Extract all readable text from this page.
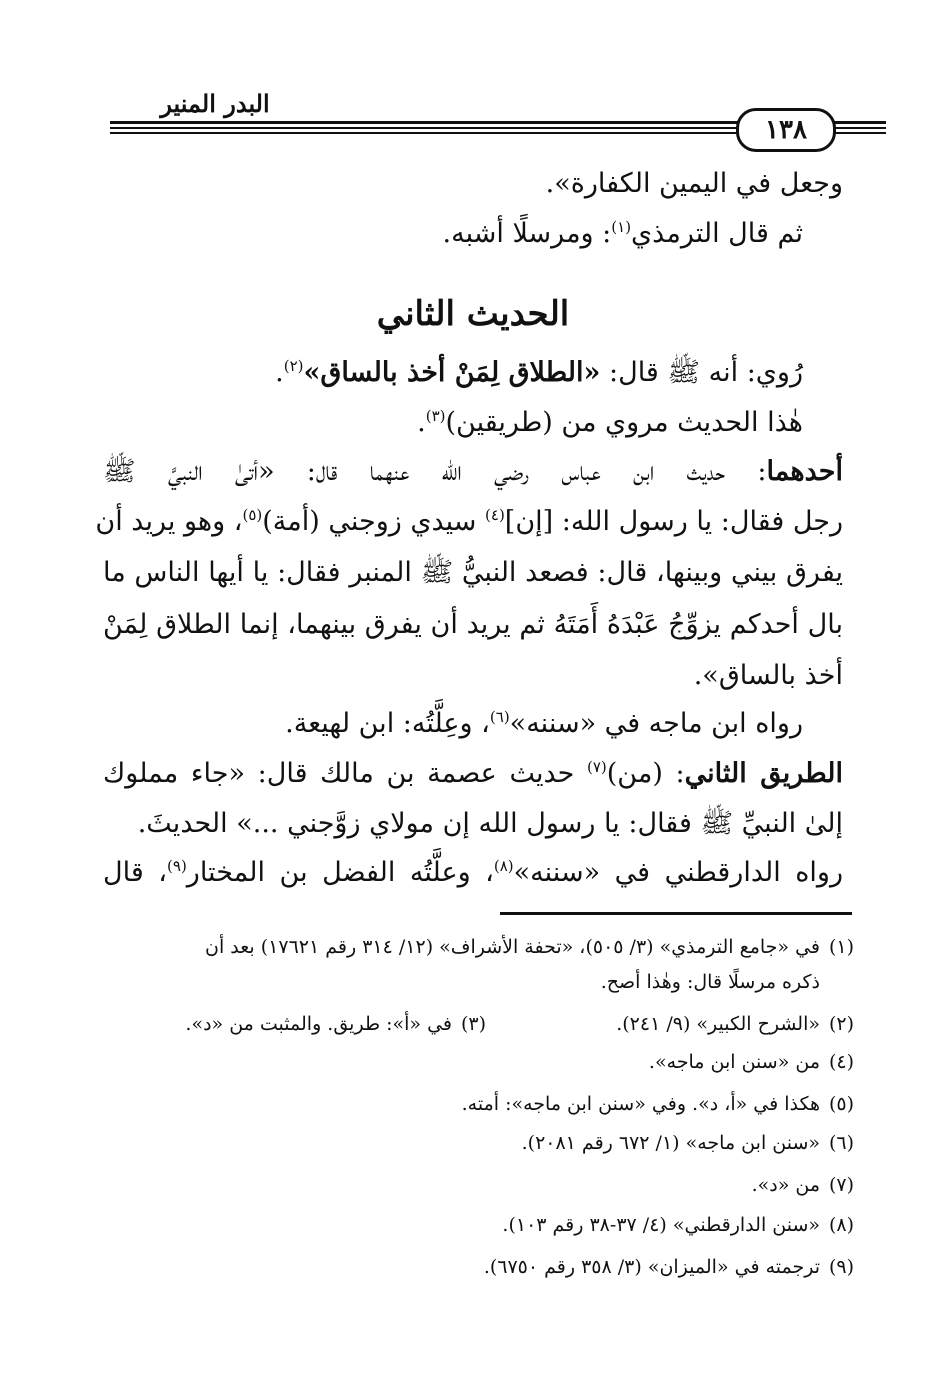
البدر المنير
١٣٨
وجعل في اليمين الكفارة».
ثم قال الترمذي$^{(١)}$: ومرسلًا أشبه.
الحديث الثاني
رُوي: أنه ﷺ قال: «الطلاق لِمَنْ أخذ بالساق»$^{(٢)}$.
هٰذا الحديث مروي من (طريقين)$^{(٣)}$.
أحدهما: حديث ابن عباس رضي الله عنهما قال: «أتىٰ النبيَّ ﷺ
رجل فقال: يا رسول الله: [إن]$^{(٤)}$ سيدي زوجني (أمة)$^{(٥)}$، وهو يريد أن
يفرق بيني وبينها، قال: فصعد النبيُّ ﷺ المنبر فقال: يا أيها الناس ما
بال أحدكم يزوِّجُ عَبْدَهُ أَمَتَهُ ثم يريد أن يفرق بينهما، إنما الطلاق لِمَنْ
أخذ بالساق».
رواه ابن ماجه في «سننه»$^{(٦)}$، وعِلَّتُه: ابن لهيعة.
الطريق الثاني: (من)$^{(٧)}$ حديث عصمة بن مالك قال: «جاء مملوك
إلىٰ النبيِّ ﷺ فقال: يا رسول الله إن مولاي زوَّجني ...» الحديثَ.
رواه الدارقطني في «سننه»$^{(٨)}$، وعلَّتُه الفضل بن المختار$^{(٩)}$، قال
(١)في «جامع الترمذي» (٣/ ٥٠٥)، «تحفة الأشراف» (١٢/ ٣١٤ رقم ١٧٦٢١) بعد أن
ذكره مرسلًا قال: وهٰذا أصح.
(٢)«الشرح الكبير» (٩/ ٢٤١).
(٣)في «أ»: طريق. والمثبت من «د».
(٤)من «سنن ابن ماجه».
(٥)هكذا في «أ، د». وفي «سنن ابن ماجه»: أمته.
(٦)«سنن ابن ماجه» (١/ ٦٧٢ رقم ٢٠٨١).
(٧)من «د».
(٨)«سنن الدارقطني» (٤/ ٣٧-٣٨ رقم ١٠٣).
(٩)ترجمته في «الميزان» (٣/ ٣٥٨ رقم ٦٧٥٠).
